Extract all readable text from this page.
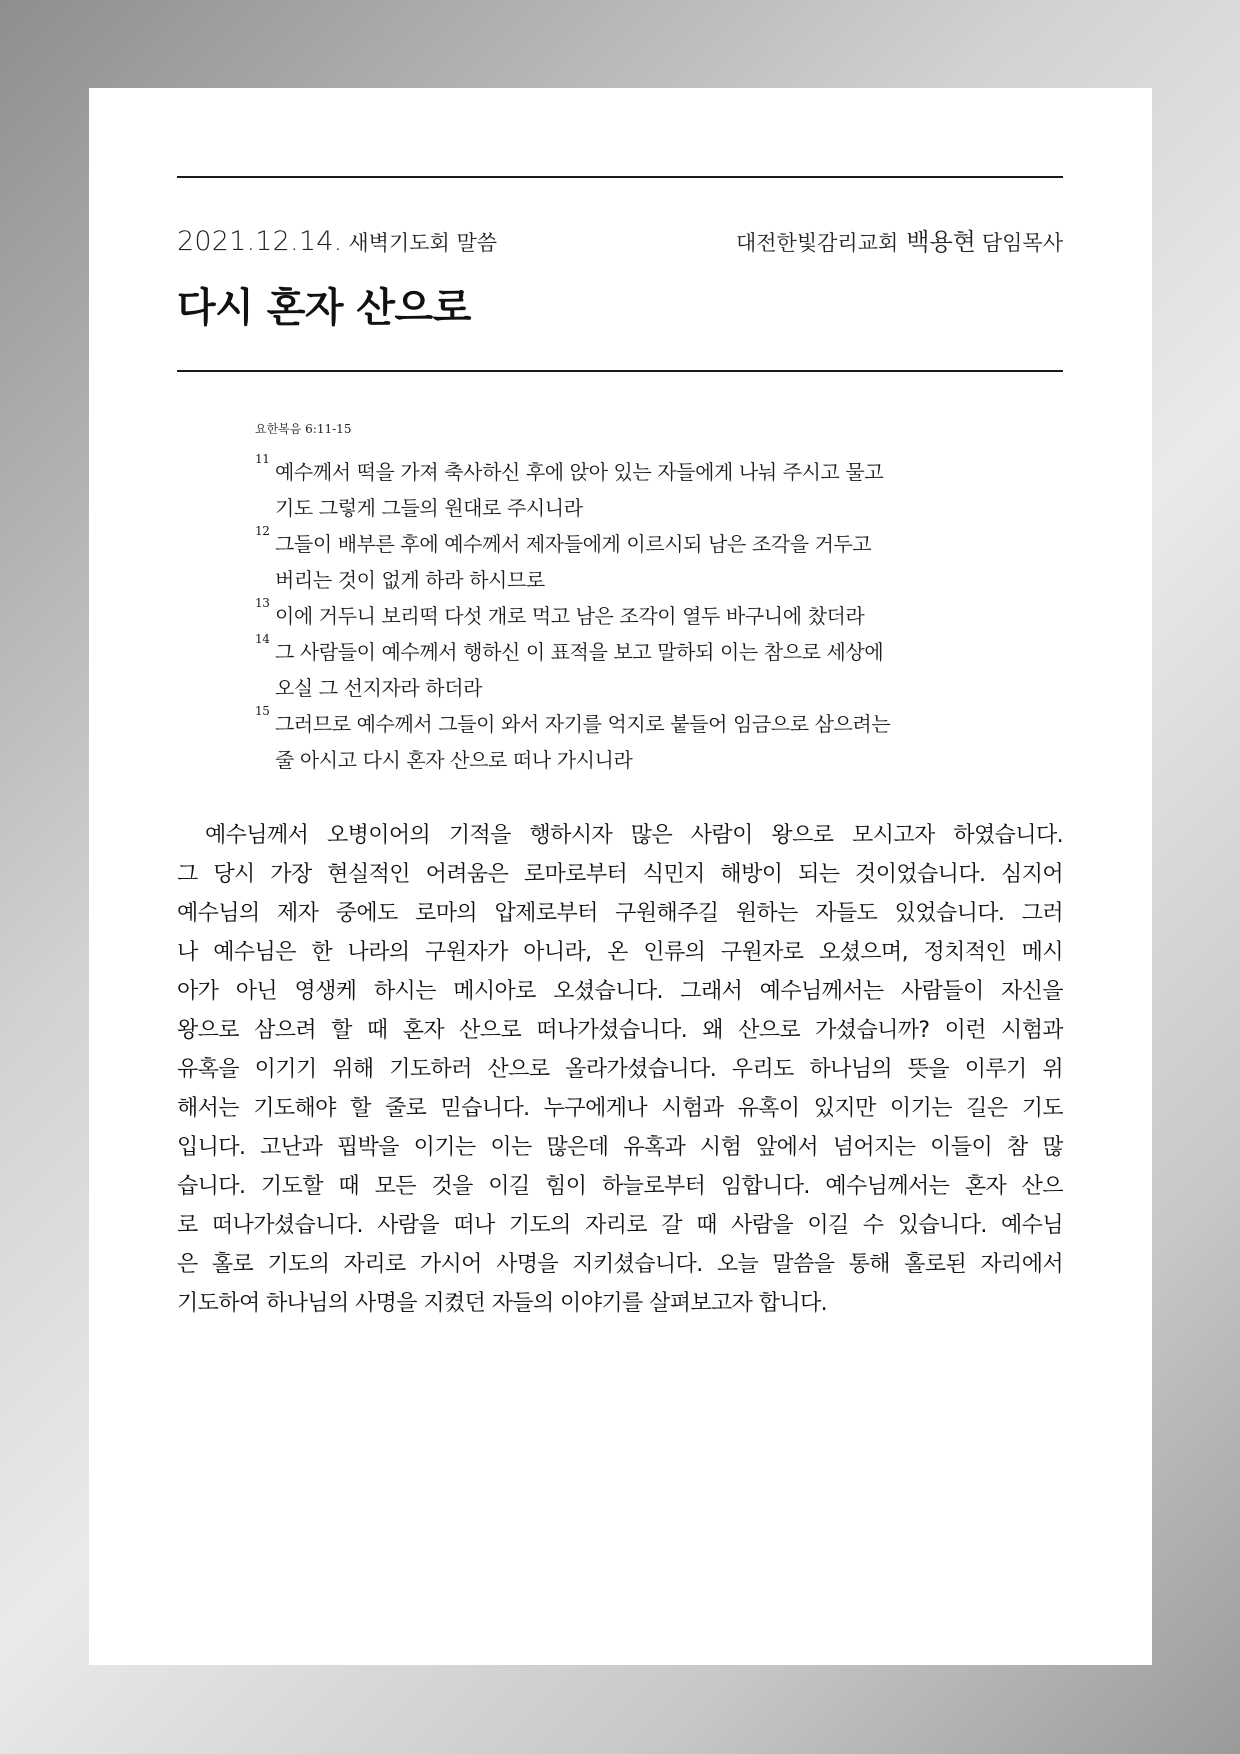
2021.12.14. 새벽기도회 말씀	대전한빛감리교회 백용현 담임목사
다시 혼자 산으로
요한복음 6:11-15
11
예수께서 떡을 가져 축사하신 후에 앉아 있는 자들에게 나눠 주시고 물고
기도 그렇게 그들의 원대로 주시니라
12
그들이 배부른 후에 예수께서 제자들에게 이르시되 남은 조각을 거두고
버리는 것이 없게 하라 하시므로
13
이에 거두니 보리떡 다섯 개로 먹고 남은 조각이 열두 바구니에 찼더라
14
그 사람들이 예수께서 행하신 이 표적을 보고 말하되 이는 참으로 세상에
오실 그 선지자라 하더라
15
그러므로 예수께서 그들이 와서 자기를 억지로 붙들어 임금으로 삼으려는
줄 아시고 다시 혼자 산으로 떠나 가시니라
예수님께서 오병이어의 기적을 행하시자 많은 사람이 왕으로 모시고자 하였습니다.
그 당시 가장 현실적인 어려움은 로마로부터 식민지 해방이 되는 것이었습니다. 심지어
예수님의 제자 중에도 로마의 압제로부터 구원해주길 원하는 자들도 있었습니다. 그러
나 예수님은 한 나라의 구원자가 아니라, 온 인류의 구원자로 오셨으며, 정치적인 메시
아가 아닌 영생케 하시는 메시아로 오셨습니다. 그래서 예수님께서는 사람들이 자신을
왕으로 삼으려 할 때 혼자 산으로 떠나가셨습니다. 왜 산으로 가셨습니까? 이런 시험과
유혹을 이기기 위해 기도하러 산으로 올라가셨습니다. 우리도 하나님의 뜻을 이루기 위
해서는 기도해야 할 줄로 믿습니다. 누구에게나 시험과 유혹이 있지만 이기는 길은 기도
입니다. 고난과 핍박을 이기는 이는 많은데 유혹과 시험 앞에서 넘어지는 이들이 참 많
습니다. 기도할 때 모든 것을 이길 힘이 하늘로부터 임합니다. 예수님께서는 혼자 산으
로 떠나가셨습니다. 사람을 떠나 기도의 자리로 갈 때 사람을 이길 수 있습니다. 예수님
은 홀로 기도의 자리로 가시어 사명을 지키셨습니다. 오늘 말씀을 통해 홀로된 자리에서
기도하여 하나님의 사명을 지켰던 자들의 이야기를 살펴보고자 합니다.
